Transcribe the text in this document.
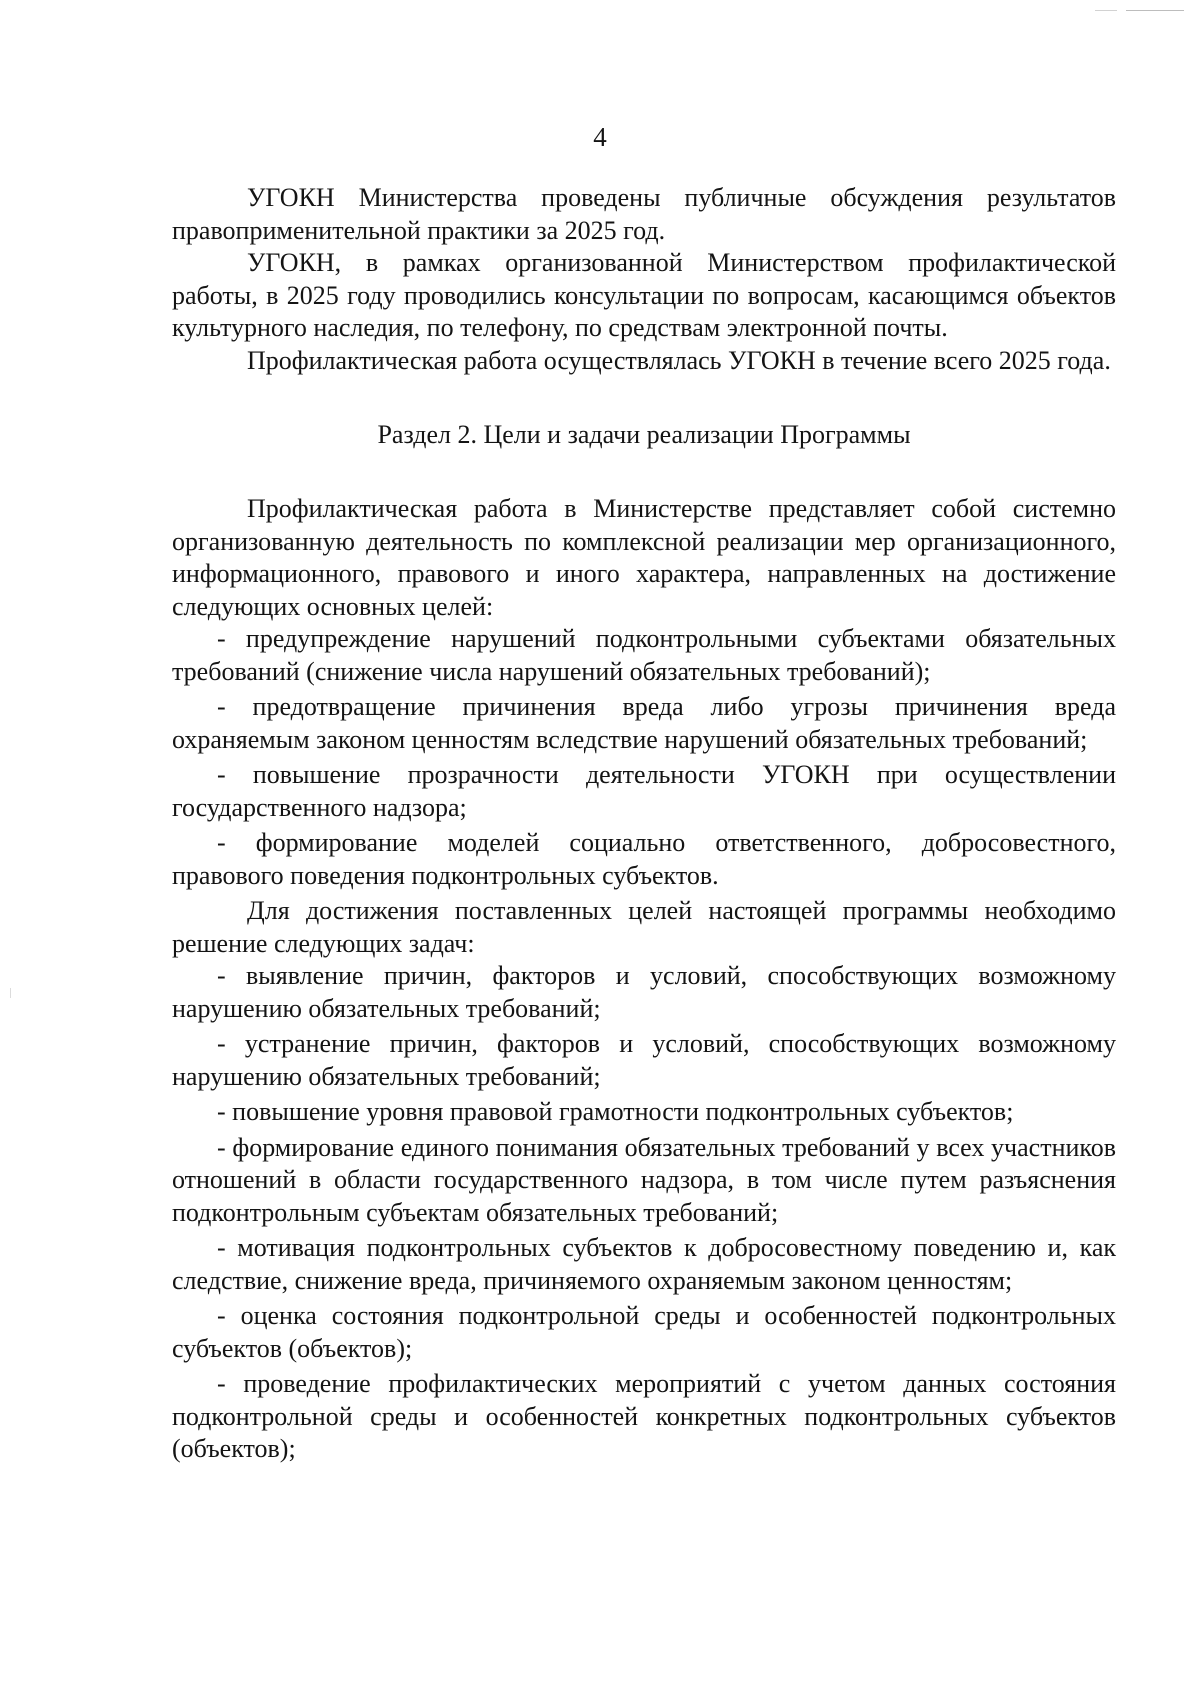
4

УГОКН Министерства проведены публичные обсуждения результатов правоприменительной практики за 2025 год.

УГОКН, в рамках организованной Министерством профилактической работы, в 2025 году проводились консультации по вопросам, касающимся объектов культурного наследия, по телефону, по средствам электронной почты.

Профилактическая работа осуществлялась УГОКН в течение всего 2025 года.

Раздел 2. Цели и задачи реализации Программы

Профилактическая работа в Министерстве представляет собой системно организованную деятельность по комплексной реализации мер организационного, информационного, правового и иного характера, направленных на достижение следующих основных целей:

- предупреждение нарушений подконтрольными субъектами обязательных требований (снижение числа нарушений обязательных требований);

- предотвращение причинения вреда либо угрозы причинения вреда охраняемым законом ценностям вследствие нарушений обязательных требований;

- повышение прозрачности деятельности УГОКН при осуществлении государственного надзора;

- формирование моделей социально ответственного, добросовестного, правового поведения подконтрольных субъектов.

Для достижения поставленных целей настоящей программы необходимо решение следующих задач:

- выявление причин, факторов и условий, способствующих возможному нарушению обязательных требований;

- устранение причин, факторов и условий, способствующих возможному нарушению обязательных требований;

- повышение уровня правовой грамотности подконтрольных субъектов;

- формирование единого понимания обязательных требований у всех участников отношений в области государственного надзора, в том числе путем разъяснения подконтрольным субъектам обязательных требований;

- мотивация подконтрольных субъектов к добросовестному поведению и, как следствие, снижение вреда, причиняемого охраняемым законом ценностям;

- оценка состояния подконтрольной среды и особенностей подконтрольных субъектов (объектов);

- проведение профилактических мероприятий с учетом данных состояния подконтрольной среды и особенностей конкретных подконтрольных субъектов (объектов);
